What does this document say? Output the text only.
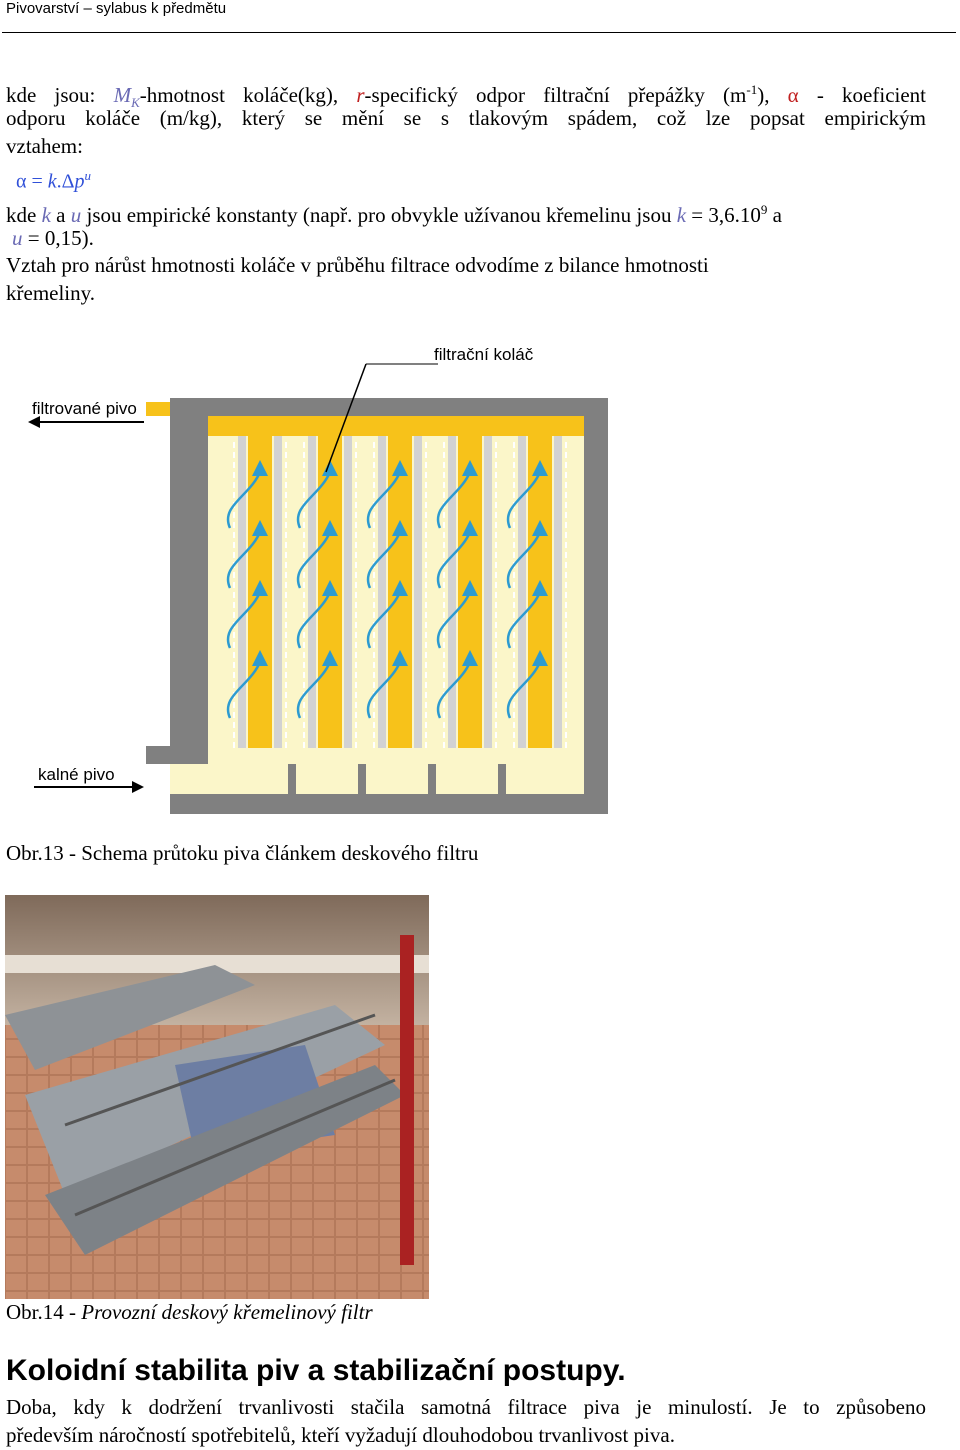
Pivovarství – sylabus k předmětu
kde jsou: $M_K$-hmotnost koláče(kg), r-specifický odpor filtrační přepážky $(m^{-1})$, α - koeficient
odporu koláče (m/kg), který se mění se s tlakovým spádem, což lze popsat empirickým
vztahem:
$\alpha = k.\Delta p^u$
kde k a u jsou empirické konstanty (např. pro obvykle užívanou křemelinu jsou $k = 3,6.10^9$ a
u = 0,15).
Vztah pro nárůst hmotnosti koláče v průběhu filtrace odvodíme z bilance hmotnosti
křemeliny.
filtrační koláč
filtrované pivo
kalné pivo
Obr.13 - Schema průtoku piva článkem deskového filtru
Obr.14 - Provozní deskový křemelinový filtr
Koloidní stabilita piv a stabilizační postupy.
Doba, kdy k dodržení trvanlivosti stačila samotná filtrace piva je minulostí. Je to způsobeno
především náročností spotřebitelů, kteří vyžadují dlouhodobou trvanlivost piva.
